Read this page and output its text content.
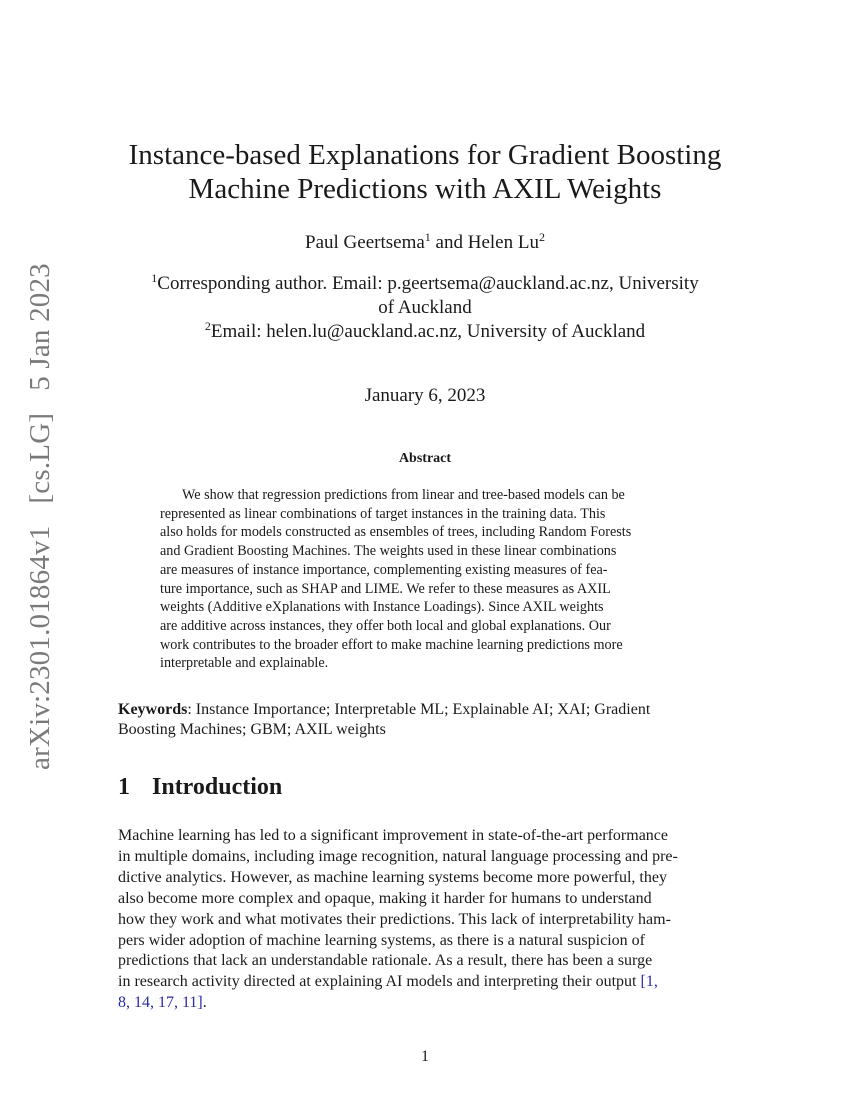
arXiv:2301.01864v1[cs.LG]5 Jan 2023
Instance-based Explanations for Gradient Boosting
Machine Predictions with AXIL Weights
Paul Geertsema$^1$ and Helen Lu$^2$
$^1$Corresponding author. Email: p.geertsema@auckland.ac.nz, University
of Auckland
$^2$Email: helen.lu@auckland.ac.nz, University of Auckland
January 6, 2023
Abstract
We show that regression predictions from linear and tree-based models can be
represented as linear combinations of target instances in the training data. This
also holds for models constructed as ensembles of trees, including Random Forests
and Gradient Boosting Machines. The weights used in these linear combinations
are measures of instance importance, complementing existing measures of fea-
ture importance, such as SHAP and LIME. We refer to these measures as AXIL
weights (Additive eXplanations with Instance Loadings). Since AXIL weights
are additive across instances, they offer both local and global explanations. Our
work contributes to the broader effort to make machine learning predictions more
interpretable and explainable.
Keywords: Instance Importance; Interpretable ML; Explainable AI; XAI; Gradient
Boosting Machines; GBM; AXIL weights
1 Introduction
Machine learning has led to a significant improvement in state-of-the-art performance
in multiple domains, including image recognition, natural language processing and pre-
dictive analytics. However, as machine learning systems become more powerful, they
also become more complex and opaque, making it harder for humans to understand
how they work and what motivates their predictions. This lack of interpretability ham-
pers wider adoption of machine learning systems, as there is a natural suspicion of
predictions that lack an understandable rationale. As a result, there has been a surge
in research activity directed at explaining AI models and interpreting their output [1,
8, 14, 17, 11].
1
